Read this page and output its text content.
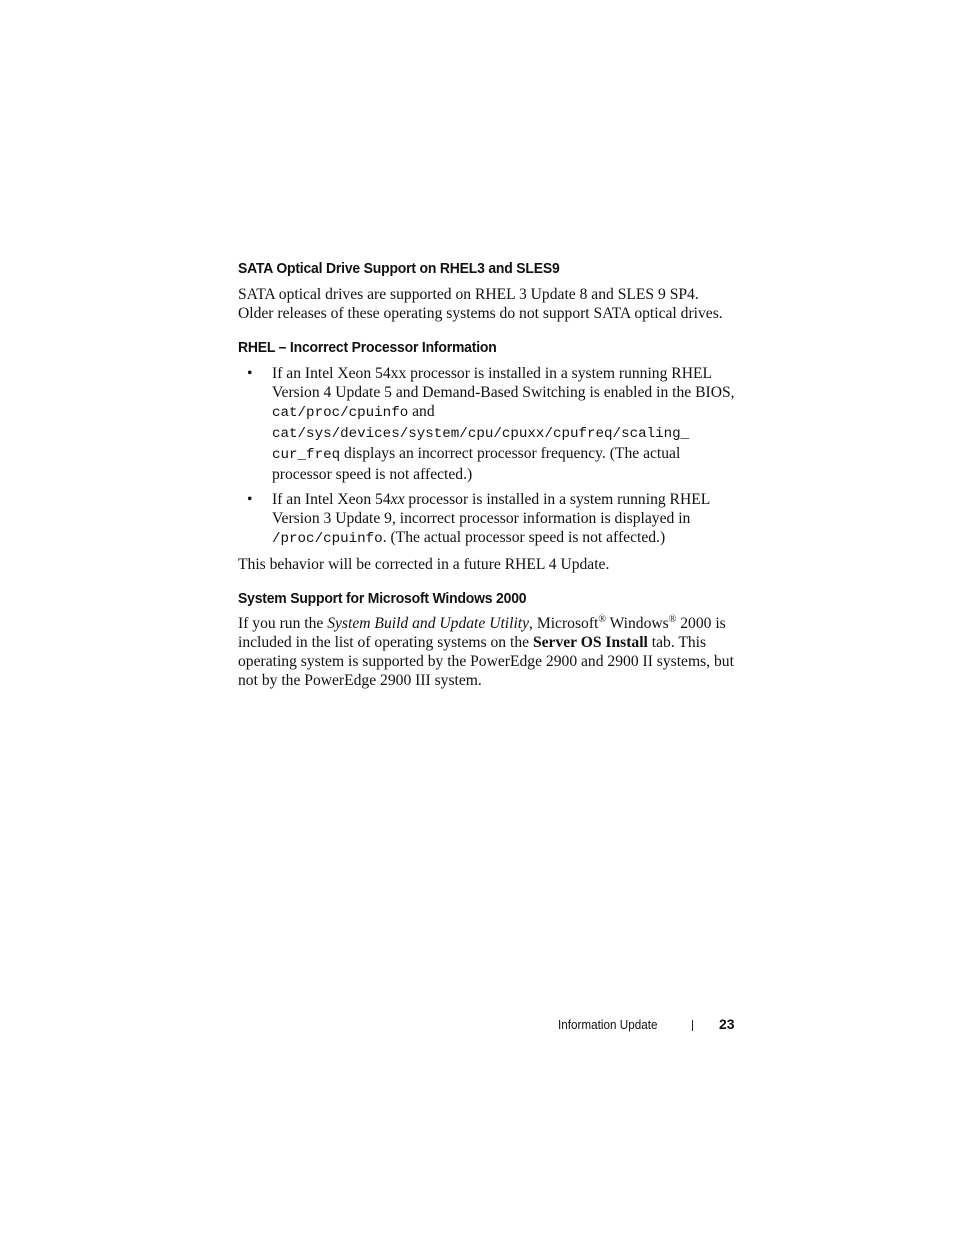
SATA Optical Drive Support on RHEL3 and SLES9

SATA optical drives are supported on RHEL 3 Update 8 and SLES 9 SP4. Older releases of these operating systems do not support SATA optical drives.

RHEL – Incorrect Processor Information
• If an Intel Xeon 54xx processor is installed in a system running RHEL Version 4 Update 5 and Demand-Based Switching is enabled in the BIOS, cat/proc/cpuinfo and
cat/sys/devices/system/cpu/cpuxx/cpufreq/scaling_ cur_freq displays an incorrect processor frequency. (The actual processor speed is not affected.)
• If an Intel Xeon 54xx processor is installed in a system running RHEL Version 3 Update 9, incorrect processor information is displayed in /proc/cpuinfo. (The actual processor speed is not affected.)

This behavior will be corrected in a future RHEL 4 Update.

System Support for Microsoft Windows 2000

If you run the System Build and Update Utility, Microsoft® Windows® 2000 is included in the list of operating systems on the Server OS Install tab. This operating system is supported by the PowerEdge 2900 and 2900 II systems, but not by the PowerEdge 2900 III system.

Information Update	23
